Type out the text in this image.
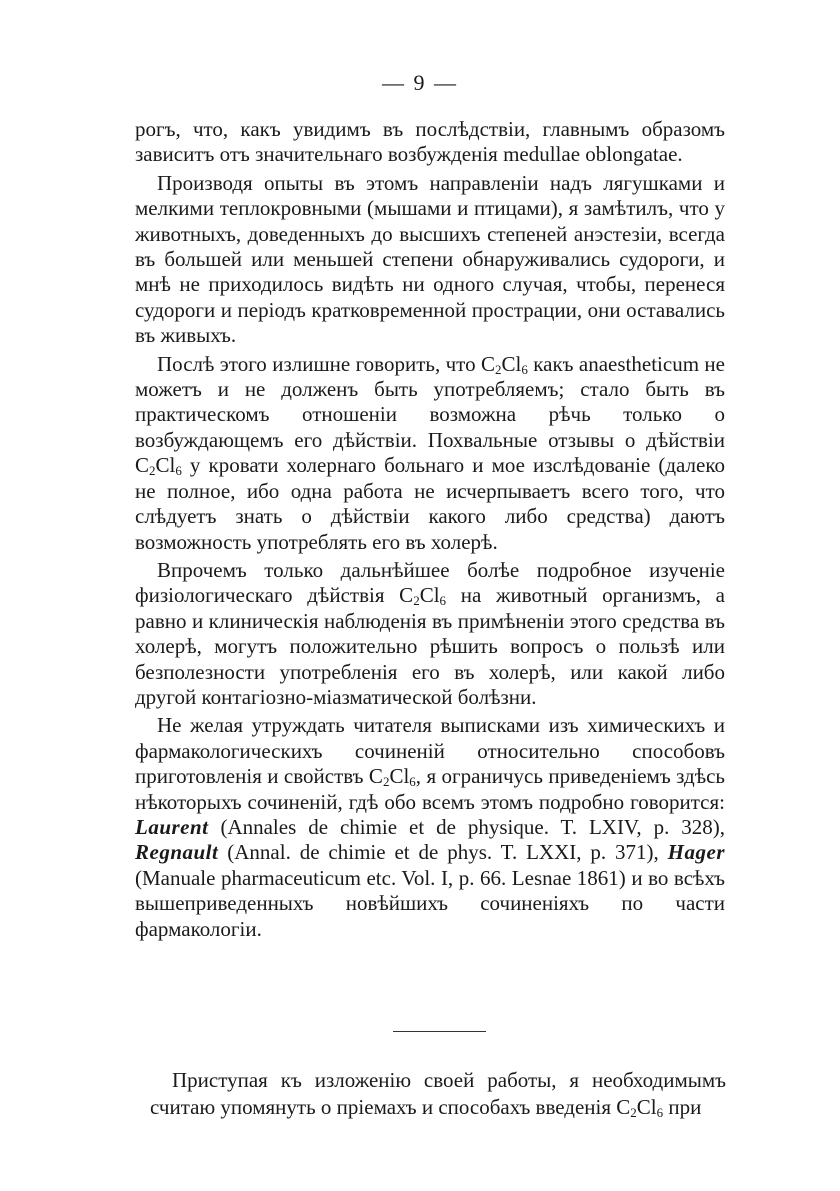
— 9 —

рогъ, что, какъ увидимъ въ послѣдствіи, главнымъ образомъ зависитъ отъ значительнаго возбужденія medullae oblongatae.

Производя опыты въ этомъ направленіи надъ лягушками и мелкими теплокровными (мышами и птицами), я замѣтилъ, что у животныхъ, доведенныхъ до высшихъ степеней анэстезіи, всегда въ большей или меньшей степени обнаруживались судороги, и мнѣ не приходилось видѣть ни одного случая, чтобы, перенеся судороги и періодъ кратковременной прострации, они оставались въ живыхъ.

Послѣ этого излишне говорить, что $C_2Cl_6$ какъ anaestheticum не можетъ и не долженъ быть употребляемъ; стало быть въ практическомъ отношеніи возможна рѣчь только о возбуждающемъ его дѣйствіи. Похвальные отзывы о дѣйствіи $C_2Cl_6$ у кровати холернаго больнаго и мое изслѣдованіе (далеко не полное, ибо одна работа не исчерпываетъ всего того, что слѣдуетъ знать о дѣйствіи какого либо средства) даютъ возможность употреблять его въ холерѣ.

Впрочемъ только дальнѣйшее болѣе подробное изученіе физіологическаго дѣйствія $C_2Cl_6$ на животный организмъ, а равно и клиническія наблюденія въ примѣненіи этого средства въ холерѣ, могутъ положительно рѣшить вопросъ о пользѣ или безполезности употребленія его въ холерѣ, или какой либо другой контагіозно-міазматической болѣзни.

Не желая утруждать читателя выписками изъ химическихъ и фармакологическихъ сочиненій относительно способовъ приготовленія и свойствъ $C_2Cl_6$, я ограничусь приведеніемъ здѣсь нѣкоторыхъ сочиненій, гдѣ обо всемъ этомъ подробно говорится: Laurent (Annales de chimie et de physique. T. LXIV, p. 328), Regnault (Annal. de chimie et de phys. T. LXXI, p. 371), Hager (Manuale pharmaceuticum etc. Vol. I, p. 66. Lesnae 1861) и во всѣхъ вышеприведенныхъ новѣйшихъ сочиненіяхъ по части фармакологіи.

Приступая къ изложенію своей работы, я необходимымъ считаю упомянуть о пріемахъ и способахъ введенія $C_2Cl_6$ при
